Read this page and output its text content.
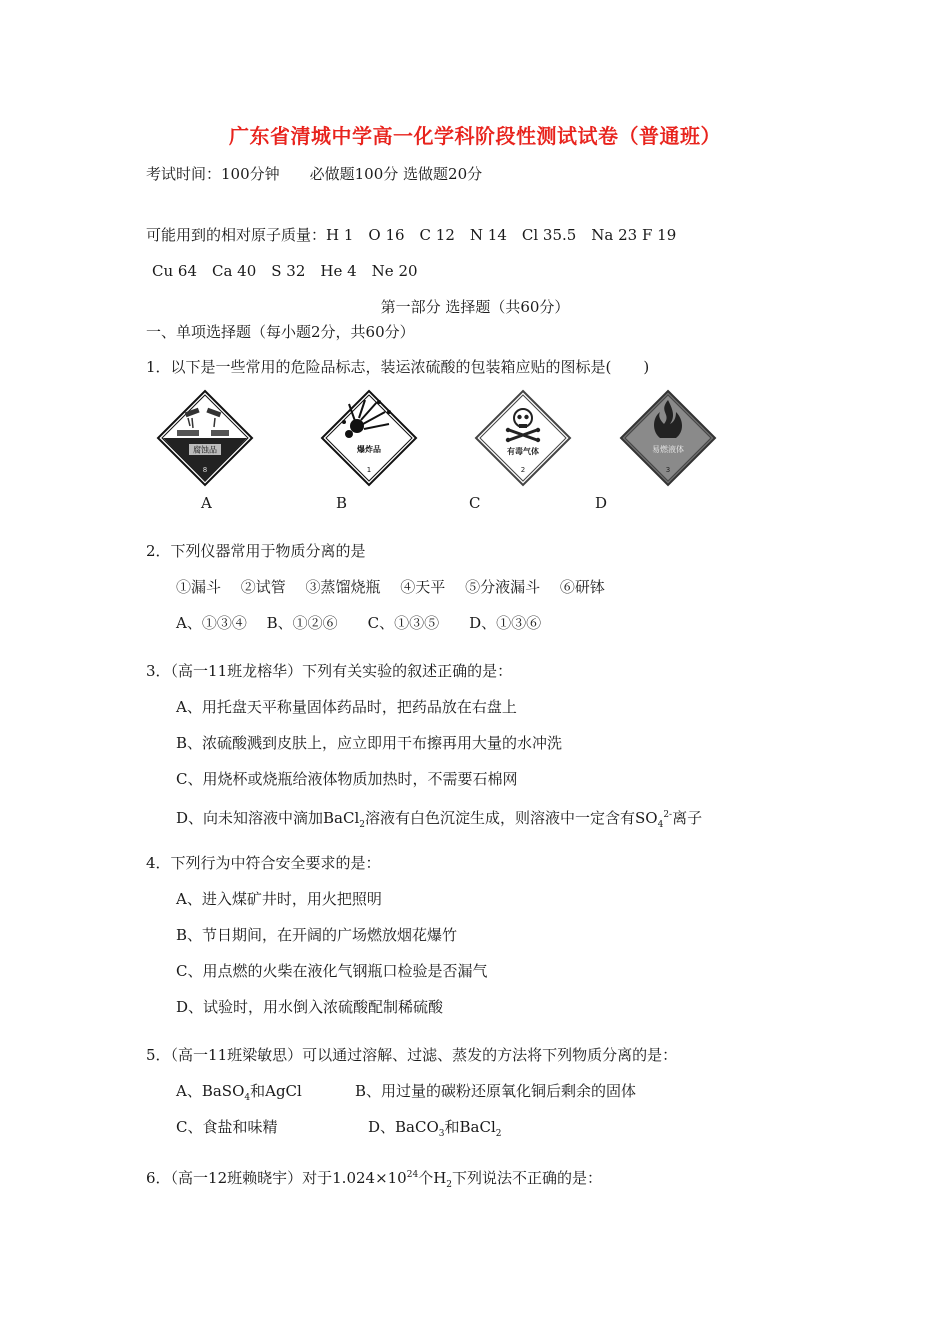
广东省清城中学高一化学科阶段性测试试卷（普通班）
考试时间：100分钟　　必做题100分 选做题20分
可能用到的相对原子质量：H 1　O 16　C 12　N 14　Cl 35.5　Na 23 F 19
Cu 64　Ca 40　S 32　He 4　Ne 20
第一部分 选择题（共60分）
一、单项选择题（每小题2分，共60分）
1．以下是一些常用的危险品标志，装运浓硫酸的包装箱应贴的图标是( )
腐蚀品
8
爆炸品
1
有毒气体
2
易燃液体
3
A	B	C	D
2．下列仪器常用于物质分离的是
①漏斗　 ②试管　 ③蒸馏烧瓶　 ④天平　 ⑤分液漏斗　 ⑥研钵
A、①③④　 B、①②⑥　　C、①③⑤　　D、①③⑥
3．（高一11班龙榕华）下列有关实验的叙述正确的是：
A、用托盘天平称量固体药品时，把药品放在右盘上
B、浓硫酸溅到皮肤上，应立即用干布擦再用大量的水冲洗
C、用烧杯或烧瓶给液体物质加热时，不需要石棉网
D、向未知溶液中滴加BaCl$_2$溶液有白色沉淀生成，则溶液中一定含有$SO_4^{2-}$离子
4．下列行为中符合安全要求的是：
A、进入煤矿井时，用火把照明
B、节日期间，在开阔的广场燃放烟花爆竹
C、用点燃的火柴在液化气钢瓶口检验是否漏气
D、试验时，用水倒入浓硫酸配制稀硫酸
5．（高一11班梁敏思）可以通过溶解、过滤、蒸发的方法将下列物质分离的是：
A、BaSO$_4$和AgCl	B、用过量的碳粉还原氧化铜后剩余的固体
C、食盐和味精	D、BaCO$_3$和BaCl$_2$
6．（高一12班赖晓宇）对于$1.024\times 10^{24}$个$H_2$下列说法不正确的是：
